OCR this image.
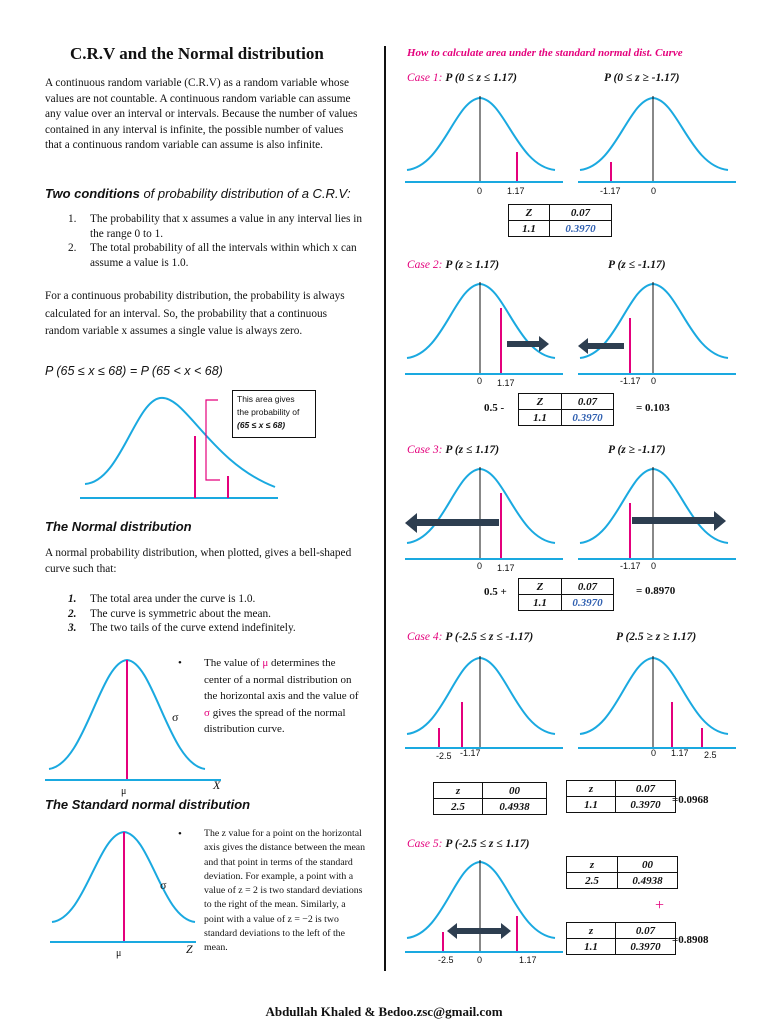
C.R.V and the Normal distribution
A continuous random variable (C.R.V) as a random variable whose values are not countable. A continuous random variable can assume any value over an interval or intervals. Because the number of values contained in any interval is infinite, the possible number of values that a continuous random variable can assume is also infinite.
Two conditions of probability distribution of a C.R.V:
1. The probability that x assumes a value in any interval lies in the range 0 to 1.
2. The total probability of all the intervals within which x can assume a value is 1.0.
For a continuous probability distribution, the probability is always calculated for an interval. So, the probability that a continuous random variable x assumes a single value is always zero.
P (65 ≤ x ≤ 68) = P (65 < x < 68)
This area gives
the probability of
(65 ≤ x ≤ 68)
The Normal distribution
A normal probability distribution, when plotted, gives a bell-shaped curve such that:
1. The total area under the curve is 1.0.
2. The curve is symmetric about the mean.
3. The two tails of the curve extend indefinitely.
σ
μ	X
•	The value of μ determines the center of a normal distribution on the horizontal axis and the value of σ gives the spread of the normal distribution curve.
The Standard normal distribution
σ
μ	Z
•	The z value for a point on the horizontal axis gives the distance between the mean and that point in terms of the standard deviation. For example, a point with a value of z = 2 is two standard deviations to the right of the mean. Similarly, a point with a value of z = −2 is two standard deviations to the left of the mean.
How to calculate area under the standard normal dist. Curve
Case 1: P (0 ≤ z ≤ 1.17)	P (0 ≤ z ≥ -1.17)
0	1.17	-1.17	0
Z	0.07
1.1	0.3970
Case 2: P (z ≥ 1.17)	P (z ≤ -1.17)
0 1.17	-1.17 0
0.5 -
Z	0.07
1.1	0.3970
= 0.103
Case 3: P (z ≤ 1.17)	P (z ≥ -1.17)
0 1.17	-1.17 0
0.5 +	Z	0.07
1.1	0.3970
= 0.8970
Case 4: P (-2.5 ≤ z ≤ -1.17)	P (2.5 ≥ z ≥ 1.17)
-2.5 -1.17	0 1.17 2.5
z	00
2.5	0.4938
z	0.07
1.1	0.3970 =0.0968
Case 5: P (-2.5 ≤ z ≤ 1.17)
-2.5	0	1.17
z	00
2.5	0.4938
+
z	0.07
1.1	0.3970
=0.8908
Abdullah Khaled & Bedoo.zsc@gmail.com
